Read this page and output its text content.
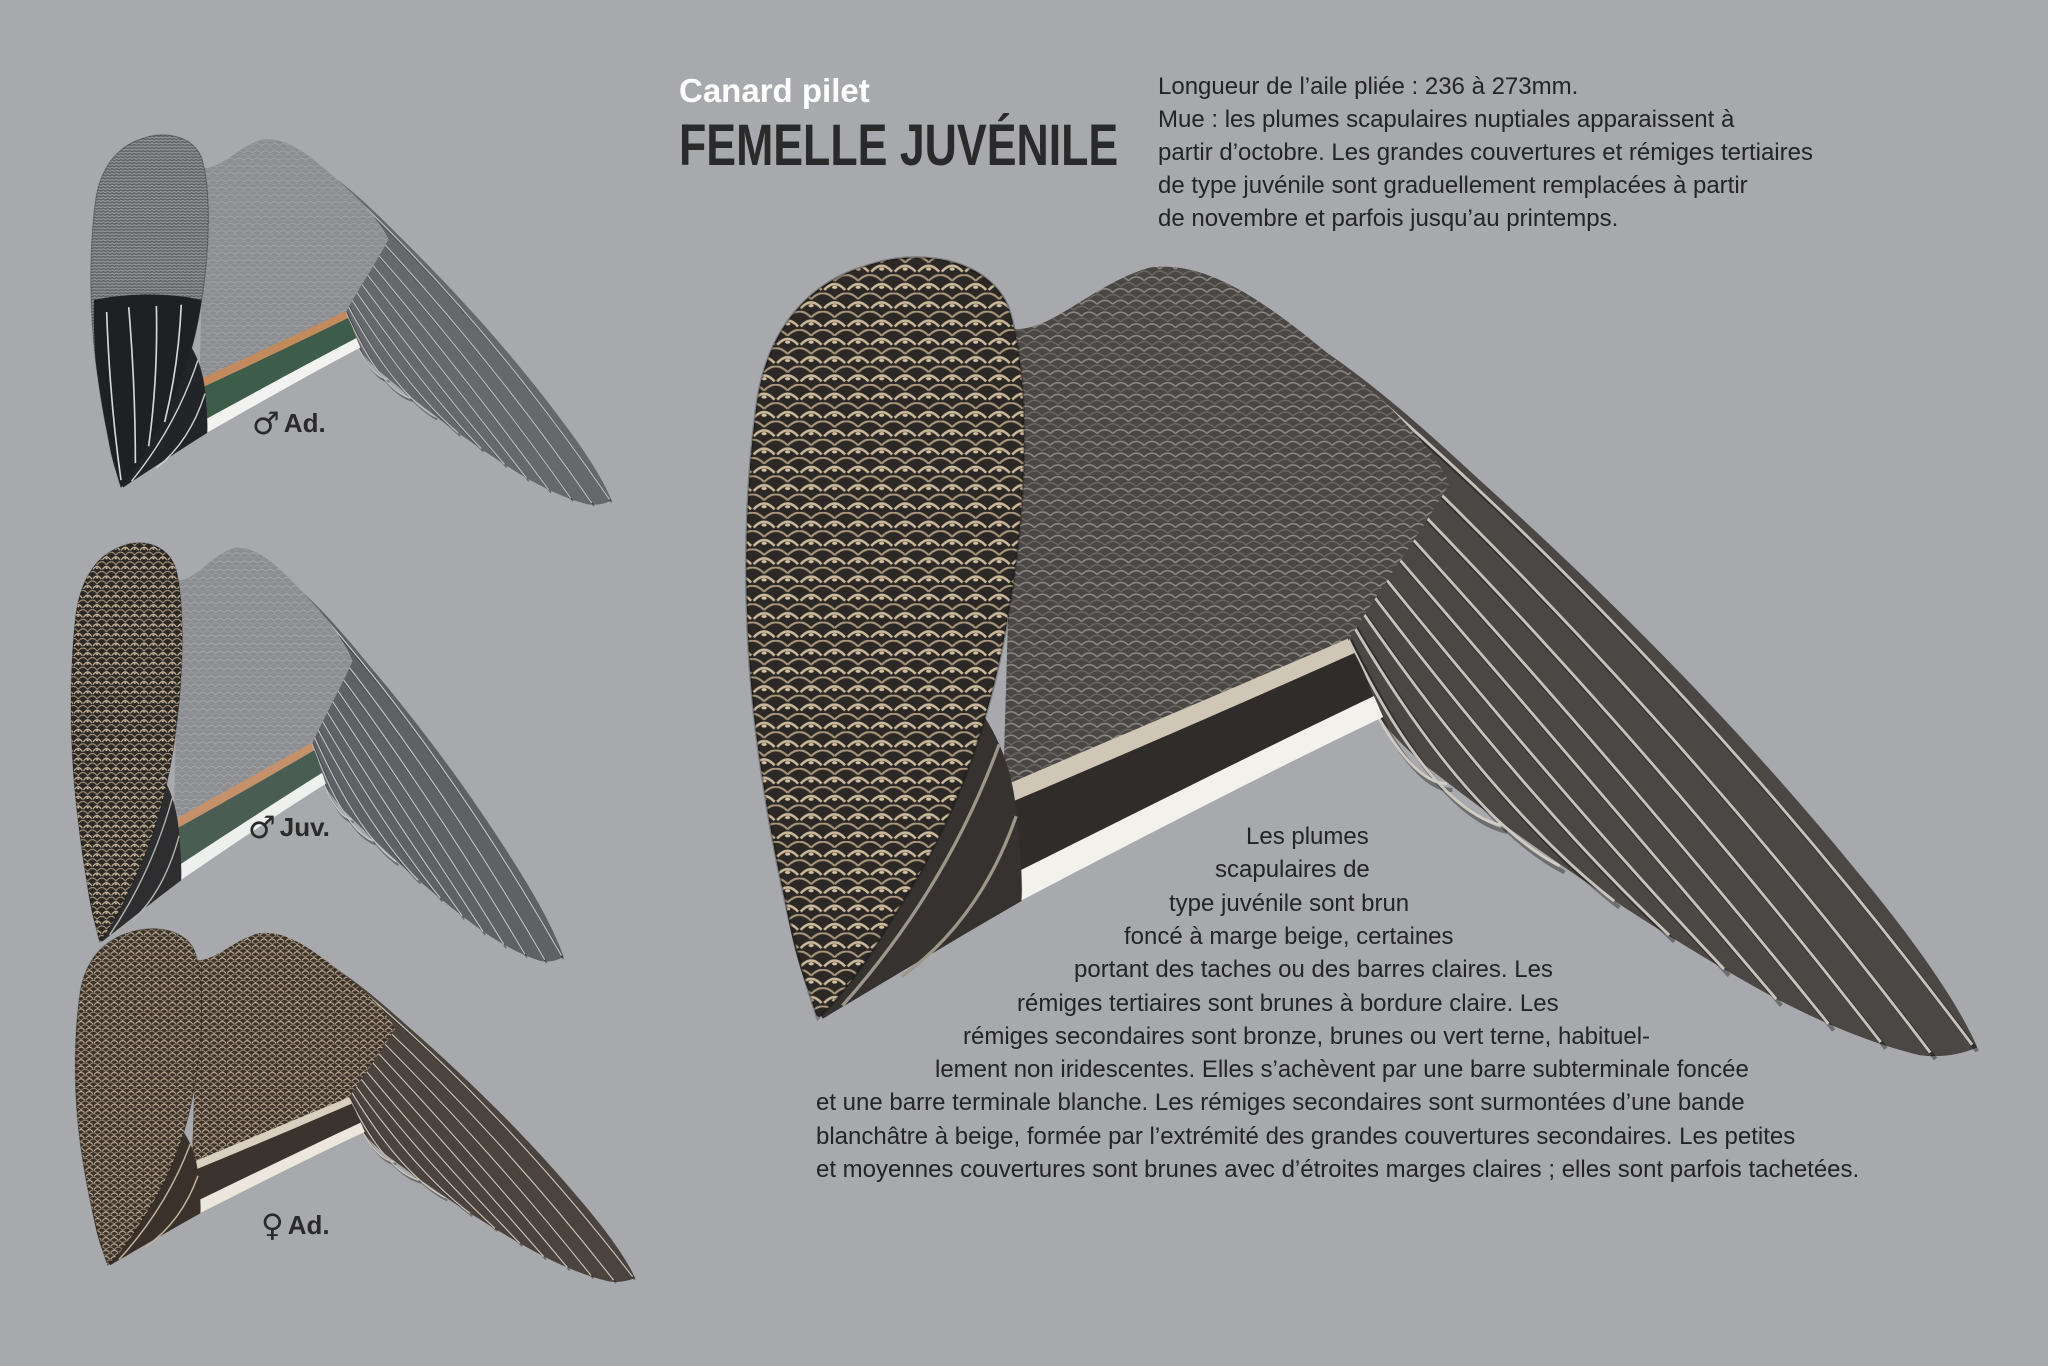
Canard pilet
FEMELLE JUVÉNILE
Longueur de l’aile pliée : 236 à 273mm.
Mue : les plumes scapulaires nuptiales apparaissent à
partir d’octobre. Les grandes couvertures et rémiges tertiaires
de type juvénile sont graduellement remplacées à partir
de novembre et parfois jusqu’au printemps.
Les plumes
scapulaires de
type juvénile sont brun
foncé à marge beige, certaines
portant des taches ou des barres claires. Les
rémiges tertiaires sont brunes à bordure claire. Les
rémiges secondaires sont bronze, brunes ou vert terne, habituel-
lement non iridescentes. Elles s’achèvent par une barre subterminale foncée
et une barre terminale blanche. Les rémiges secondaires sont surmontées d’une bande
blanchâtre à beige, formée par l’extrémité des grandes couvertures secondaires. Les petites
et moyennes couvertures sont brunes avec d’étroites marges claires ; elles sont parfois tachetées.
♂ Ad.
♂ Juv.
♀ Ad.
